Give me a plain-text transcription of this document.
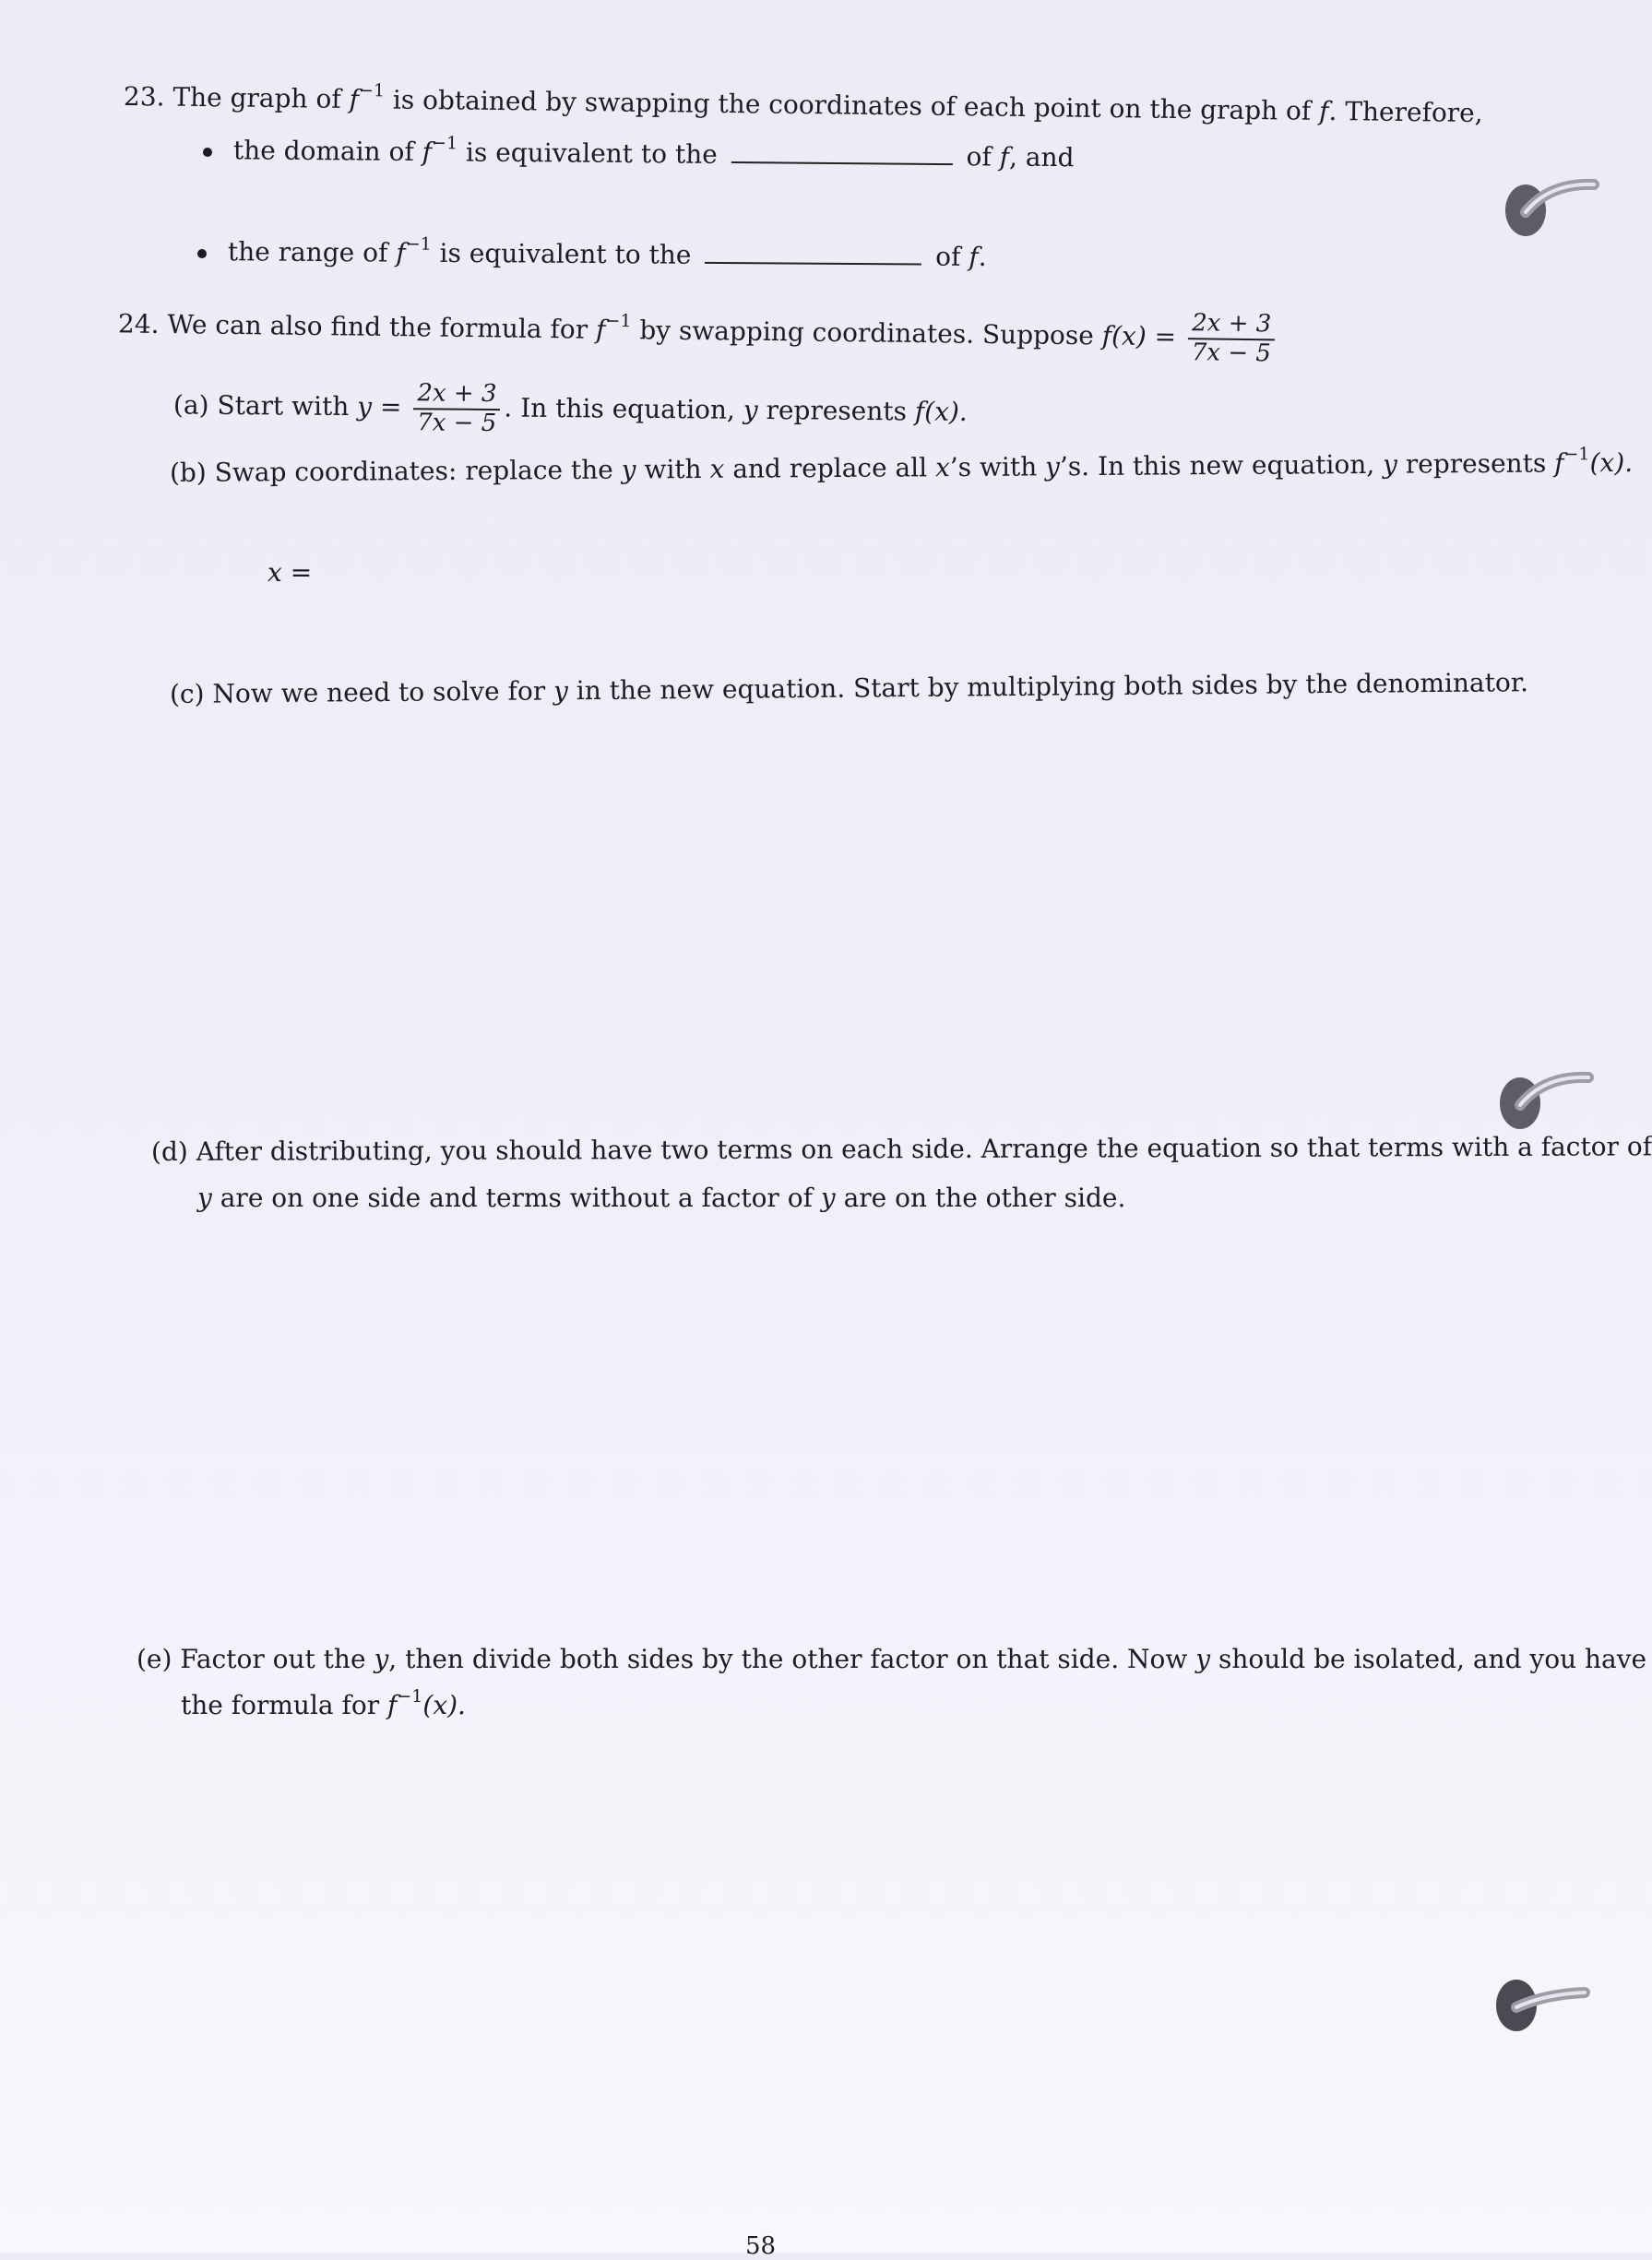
23. The graph of $f^{-1}$ is obtained by swapping the coordinates of each point on the graph of f. Therefore,
the domain of $f^{-1}$ is equivalent to the	of f, and
the range of $f^{-1}$ is equivalent to the	of f.
24. We can also find the formula for $f^{-1}$ by swapping coordinates. Suppose $f(x) = \frac{2x + 3}{7x - 5}$
(a) Start with $y = \frac{2x + 3}{7x - 5}$ . In this equation, y represents f(x).
(b) Swap coordinates: replace the y with x and replace all x’s with y’s. In this new equation, y represents $f^{-1}(x)$.
x =
(c) Now we need to solve for y in the new equation. Start by multiplying both sides by the denominator.
(d) After distributing, you should have two terms on each side. Arrange the equation so that terms with a factor of
y are on one side and terms without a factor of y are on the other side.
(e) Factor out the y, then divide both sides by the other factor on that side. Now y should be isolated, and you have
the formula for $f^{-1}(x)$.
58
